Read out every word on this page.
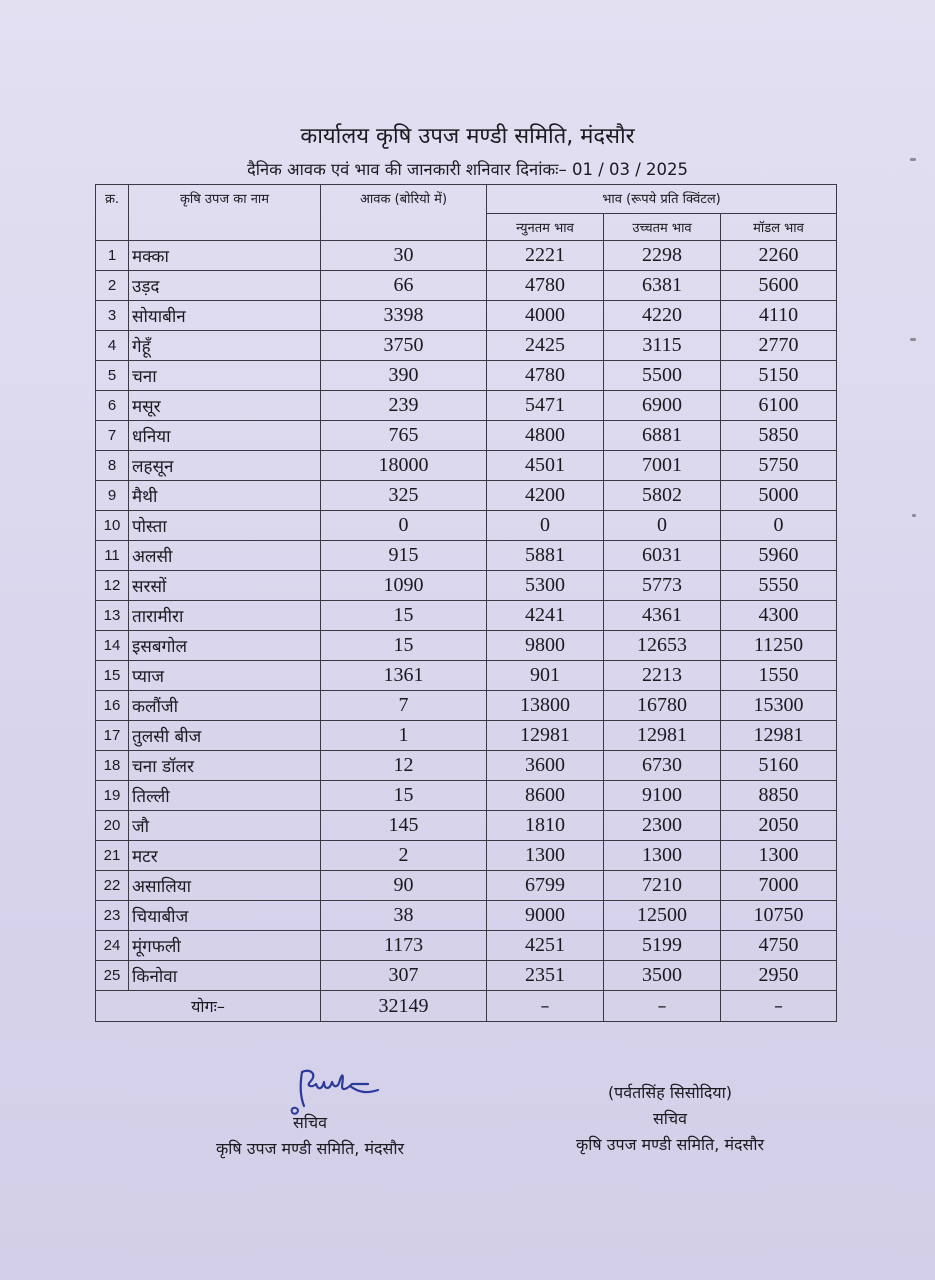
कार्यालय कृषि उपज मण्डी समिति, मंदसौर
दैनिक आवक एवं भाव की जानकारी शनिवार दिनांकः– 01 / 03 / 2025
क्र.	कृषि उपज का नाम	आवक (बोरियो में)	भाव (रूपये प्रति क्विंटल)		
			न्युनतम भाव	उच्चतम भाव	मॉडल भाव
1	मक्का	30	2221	2298	2260
2	उड़द	66	4780	6381	5600
3	सोयाबीन	3398	4000	4220	4110
4	गेहूँ	3750	2425	3115	2770
5	चना	390	4780	5500	5150
6	मसूर	239	5471	6900	6100
7	धनिया	765	4800	6881	5850
8	लहसून	18000	4501	7001	5750
9	मैथी	325	4200	5802	5000
10	पोस्ता	0	0	0	0
11	अलसी	915	5881	6031	5960
12	सरसों	1090	5300	5773	5550
13	तारामीरा	15	4241	4361	4300
14	इसबगोल	15	9800	12653	11250
15	प्याज	1361	901	2213	1550
16	कलौंजी	7	13800	16780	15300
17	तुलसी बीज	1	12981	12981	12981
18	चना डॉलर	12	3600	6730	5160
19	तिल्ली	15	8600	9100	8850
20	जौ	145	1810	2300	2050
21	मटर	2	1300	1300	1300
22	असालिया	90	6799	7210	7000
23	चियाबीज	38	9000	12500	10750
24	मूंगफली	1173	4251	5199	4750
25	किनोवा	307	2351	3500	2950
योगः–		32149	–	–	–
सचिव
कृषि उपज मण्डी समिति, मंदसौर
(पर्वतसिंह सिसोदिया)
सचिव
कृषि उपज मण्डी समिति, मंदसौर
